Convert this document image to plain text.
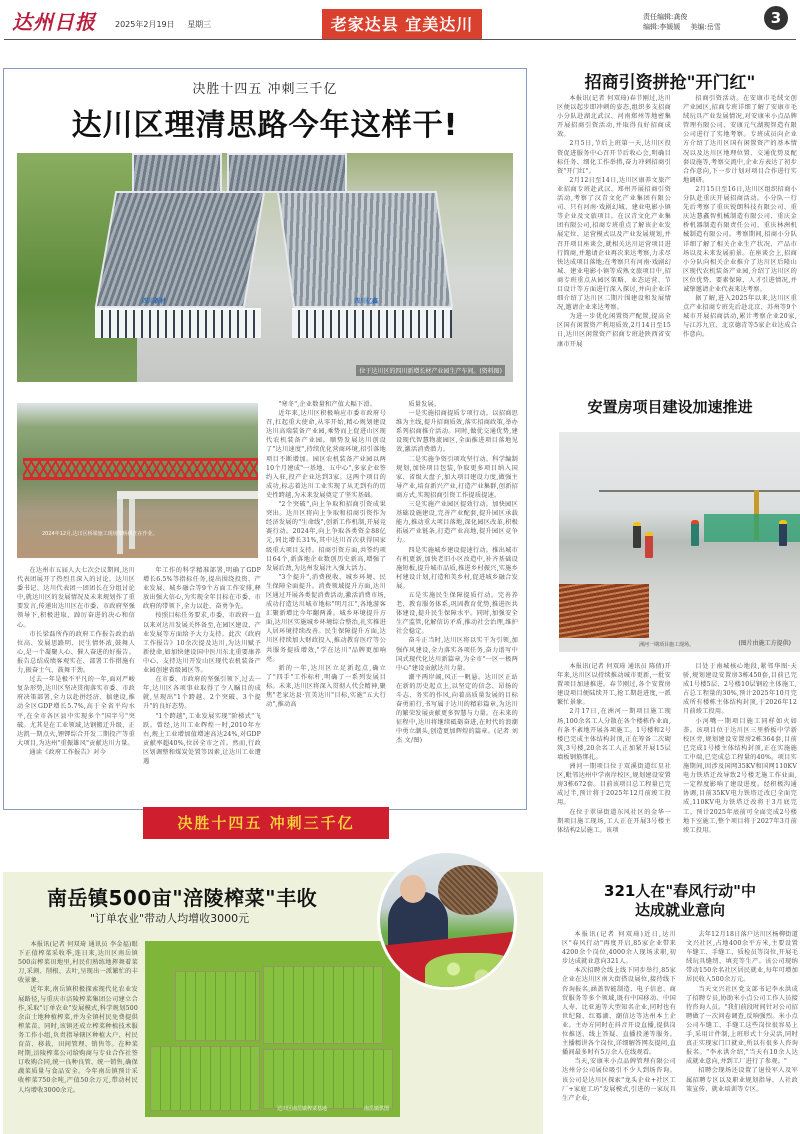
达州日报 2025年2月19日 星期三	老家达县 宜美达川	责任编辑:龚俊
编辑:李媛媛 美编:岳雪	3
决胜十四五 冲刺三千亿
达川区理清思路今年这样干!
四川新材	四川亿鑫
位于达川区的四川新增长材产业园生产车间。(资料图)
2024年12月,达川区桥梁施工现场架桥机正在作业。

在达州市五届人大七次会议期间,达川代表团展开了热烈且深入的讨论。达川区委书记、达川代表团一团团长在分组讨论中,就达川区的发展情况及未来规划作了重要发言,传递出达川区在市委、市政府坚强领导下,积极进取、踔厉奋进的决心和信心。

市长梁磊所作的政府工作报告政治站位高、发展思路明、民生情怀浓,鼓舞人心,是一个凝聚人心、催人奋进的好报告。报告总结成绩客观实在、部署工作措施有力,振奋士气、鼓舞干劲。

过去一年是极不平凡的一年,面对严峻复杂形势,达川区坚决贯彻落实市委、市政府决策部署,全力以赴拼经济、搞建设,推动全区GDP增长5.7%,高于全省平均水平,在全市各区县中实现多个"国字号"突破。尤其是在工业领域,达钢搬迁升级、正达凯一期点火,锂钾综合开发二期投产等重大项目,为达州"重振雄风"贡献达川力量。

通读《政府工作报告》对今

年工作的科学精准部署,明确了GDP增长6.5%等指标任务,提出围绕投资、产业发展、城乡融合等9个方面工作安排,释放出强大信心,为实现全年目标在市委、市政府的带领下,全力以赴、奋勇争先。

按照目标任务要求,市委、市政府一直以来对达川发展关怀备至,在园区建设、产业发展等方面给予大力支持。此次《政府工作报告》10余次提及达川,为达川赋予新使命,如加快建设国中医川东北重要康养中心、支持达川开发山区现代农机装备产业园创建省级园区等。

在市委、市政府的坚强引领下,过去一年,达川区各项事业取得了令人瞩目的成就,呈现出"1个跨越、2个突破、3个提升"的良好态势。

"1个跨越",工业发展实现"阶梯式"飞跃。曾经,达川工业辉煌一时,2010年左右,规上工业增加值增速高达24%,对GDP贡献率超40%,位居全市之首。然而,行政区划调整和煤炭处置等因素,让达川工业遭遇

"寒冬",企业数量和产值大幅下滑。

近年来,达川区积极响应市委市政府号召,扛起重大使命,从零开始,精心规划建设达川高端装备产业园,乘势而上促进山区现代农机装备产业园。顺势发展达川创设了"达川速度",持续优化营商环境,招引落地项目不断增加。园区农机装备产业园以两10个月建成"一基地、五中心",多家企业签约入驻,投产企业达到3家。这两个项目的成功,标志着达川工业实现了从无到有的历史性跨越,为未来发展奠定了坚实基础。

"2个突破",向上争取和招商引资成果突出。达川区将向上争取和招商引资作为经济发展的"生命线",创新工作机制,开展竞赛行动。2024年,向上争取各类资金88亿元,同比增长31%,其中达川首次获得国家级重大项目支持。招商引资方面,共签约项目64个,新落地企业数创历史新高,增强了发展后劲,为达州发展注入强大活力。

"3个提升",消费税收、城乡环境、民生保障全面提升。消费领域提升方面,达川区通过开展各类促消费活动,激活消费市场,成功打造达川城市地标"明月江",各地游客汇聚新增比今年翻两番。城乡环境提升方面,达川区实施城乡环境综合整治,扎实推进人居环境持续改善。民生保障提升方面,达川区持续加大财政投入,推动教育医疗等公共服务提质增效,"学在达川"品牌更加响亮。

新的一年,达川区立足新起点,确立了"四手"工作标杆,明确了一系列发展目标。未来,达川区将深入贯彻人代会精神,聚焦"老家达县·宜美达川"目标,实施"五大行动",推动高

质量发展。

一是实施招商提质专项行动。以招商思维为主线,提升招商质效,落实招商政策,举办系列招商推介活动。同时,做优交通优势,建设现代智慧物流园区,全面推进项目落地见效,激活消费潜力。

二是实施争资引项攻坚行动。科学编制规划,加快项目包装,争取更多项目纳入国家、省级大盘子,加大项目建设力度,做强主导产业,培育新兴产业,打造产业集群,创新招商方式,实现招商引资工作提质提速。

三是实施产业园区提效行动。加快园区基础设施建设,完善产业配套,提升园区承载能力,推动重大项目落地,深化园区改革,积极拓展产业链条,打造产业高地,提升园区竞争力。

四是实施城乡建设提速行动。推出城市有机更新,加快老旧小区改造中,补齐基础设施短板,提升城市品质,推进乡村振兴,实施乡村建设计划,打造和美乡村,促进城乡融合发展。

五是实施民生保障提质行动。完善养老、教育服务体系,巩固教育优势,推进医共体建设,提升民生保障水平。同时,加强安全生产监管,化解信访矛盾,推动社会治理,维护社会稳定。

奋斗正当时,达川区将以实干为引领,加强作风建设,全力落实各项任务,奋力谱写中国式现代化达川新篇章,为全市"一区一极两中心"建设贡献达川力量。

潮平两岸阔,风正一帆悬。达川区正站在新的历史起点上,以坚定的信念、昂扬的斗志、务实的作风,向着高质量发展的目标奋勇前行,书写属于达川的精彩篇章,为达川的繁荣发展贡献更多智慧与力量。在未来的征程中,达川将继续砥砺奋进,在时代的浪潮中勇立潮头,创造更加辉煌的篇章。(记者 刘杰 文/图)

决胜十四五 冲刺三千亿
招商引资拼抢"开门红"

本报讯(记者 何双琦)春节刚过,达川区便以起步即冲刺的姿态,组织多支招商小分队赴湖北武汉、河南郑州等地密集开展招商引资活动,并取得良好招商成效。

2月5日,节后上班第一天,达川区投资促进服务中心召开节后收心会,明确目标任务、细化工作举措,奋力冲刺招商引资"开门红"。

2月12日至14日,达川区康养文旅产业招商专班赴武汉、郑州开展招商引资活动,考察了汉青文化产业集团有限公司、只有河南·戏剧幻城、建业电影小镇等企业及文旅项目。在汉青文化产业集团有限公司,招商专班重点了解该企业发展定位、运营模式以及产业发展规划,并召开项目座谈会,就相关达川运营项目进行简商,并邀请企业再次来达考察,力求尽快达成项目落地;在考察只有河南·戏剧幻城、建业电影小镇等成熟文旅项目中,招商专班重点从园区策略、业态运营、节目设计等方面进行深入探讨,并向企业详细介绍了达川区二期片围建设和发展情况,邀请企业来达考察。

为进一步优化闲置资产配置,提高全区国有闲置资产利用质效,2月14日至15日,达川区闲置资产招商专班赴陕西省安康市开展

招商引资活动。在安康市毛绒文创产业园区,招商专班详细了解了安康市毛绒玩具产业发展情况,对安康米小点品牌管理有限公司、安康元气湖现智造有限公司进行了实地考察。专班成员向企业方介绍了达川区国有闲置资产的基本情况以及达川区地理位置、交通优势及配套设施等,考察交流中,企业方表达了初步合作意向,下一步计划对项目合作进行实地调研。

2月15日至16日,达川区组织招商小分队赴重庆开展招商活动。小分队一行先后考察了重庆锐朗科技有限公司、重庆达慧鑫智机械制造有限公司、重庆金桥机器制造有限责任公司、重庆林洲机械制造有限公司。考察期间,招商小分队详细了解了相关企业生产状况、产品市场以及未来发展前景。在座谈会上,招商小分队向相关企业推介了达川区后隆山区现代农机装备产业园,介绍了达川区的区位优势、要素保障、人才引进情况,并诚挚邀请企业代表来达考察。

据了解,进入2025年以来,达川区重点产业招商专班先后赴北京、苏州等9个城市开展招商活动,累计考察企业20家,与江苏九宜、北京德青等5家企业达成合作意向。

安置房项目建设加速推进
洲河一期项目施工现场。	(图片由施工方提供)

本报讯(记者 何双琦 通讯员 陈倩)开年来,达川区以持续推动城市更新,一批安置项目加速推进。春节刚过,各个安置房建设项目便陆续开工,抢工期赶进度,一派繁忙景象。

2月17日,在洲河一期项目施工现场,100余名工人分散在各个楼栋作业面,有条不紊地开展各项施工。1号楼和2号楼已完成主体结构封顶,正在筹备二次砌筑,3号楼,20余名工人正加紧开展15层墙板钢筋绑扎。

洲河一期项目位于双溪街道红星社区,毗邻达州中学南岸校区,规划建设安置房3栋672套。目前该项目总工程量已完成过半,预计将于2025年12月前竣工投用。

在位于翠屏街道东风社区的金华一期项目施工现场,工人正在开展3号楼主体结构2层施工。该项

目处于南城核心地段,紧邻华图·天骄,规划建设安置房3栋450套,目前已完成1号楼5层、2号楼10层钢砼主体施工,占总工程量的30%,预计2025年10月完成所有楼栋主体结构封顶,于2026年12月前竣工投用。

小河嘴一期项目施工同样如火如荼。该项目位于达川区三里桥板中学新校区旁,规划建设安置房2栋364套,目前已完成1号楼主体结构封顶,正在实施施工中端,已完成总工程量的40%。项目实施期间,因涉及国网35KV和国网110KV电力铁塔迁改导致2号楼无施工作业面,一定程度影响了建设进度。经积极沟通协调,目前35KV电力铁塔迁改已全面完成,110KV电力铁塔迁改将于3月底完工。预计2025年底前可全面完成2号楼地下室施工,整个项目将于2027年3月前竣工投用。

南岳镇500亩"涪陵榨菜"丰收
"订单农业"带动人均增收3000元

本报讯(记者 何双琦 通讯员 李金福)眼下正值榨菜采收季,连日来,达川区南岳镇500亩榨菜田地里,村民们熟练地挥舞着菜刀,采割、削根、去叶,呈现出一派繁忙的丰收景象。

近年来,南岳镇积极探索现代化农业发展路径,与重庆市涪陵榨菜集团公司建立合作,采取"订单农业"发展模式,科学规划500余亩土地种植榨菜,并为全镇村民免费提供榨菜苗。同时,该镇还成立榨菜种植技术服务工作小组,负责指导辖区种植大户、村民育苗、移栽、田间管理、销售等。在种菜时期,涪陵榨菜公司给购商与专业合作社签订收购合同,统一良种良管、统一销售,确保蔬菜质量与食品安全。今年南岳镇预计采收榨菜750余吨,产值50余万元,带动村民人均增收3000余元。

达川区南岳镇榨菜基地	南岳镇供图
321人在"春风行动"中
达成就业意向

本报讯(记者 何双琦)近日,达川区"春风行动"再度开启,85家企业带来4200余个岗位,4000余人现场求职,初步达成就业意向321人。

本次招聘会线上线下同步举行,85家企业在达川区南大街搭设展位,接待线下咨询报名,涵盖智能制造、电子信息、商贸服务等多个领域,既有中国移动、中国人寿、比亚迪等大型知名企业,同时也有世纪隆、红霉湖、潮信达等达州本土企业。主办方同时在抖音开设直播,提供岗位推送、线上答疑、直播投递等服务。主播精讲各个岗位,详细解答网友提问,直播间最多时有5万余人在线观看。

当天,安康米小点品牌管理有限公司达州分公司展位吸引不少人到场咨询。该公司是达川区探索"龙头企业+社区工厂+家庭工坊"发展模式,引进的一家玩具生产企业,

去年12月18日落户达川区杨柳街道文兴社区,占地400余平方米,主要设置车缝工、手缝工、质检员等岗位,开展毛绒玩具缝纫、填充等生产。该公司现纳带动150余名社区居民就业,每年可增加居民收入500余万元。

当天文兴社区党支部书记李永洪成了招聘专员,协助米小点公司工作人员接待咨询人员。"我们前段时间针对公司招聘做了一次问卷调查,反响强烈。米小点公司车缝工、手缝工这些岗位很容易上手,采用计件制,上班形式十分灵活,同时真正实现家门口就业,所以有很多人咨询报名。"李永洪介绍,"当天有10余人达成就业意向,并到工厂进行了参观。"

招聘会现场还设置了退役军人及军属招聘专区以及职业规划指导、人社政策宣传、就业培训等专区。
